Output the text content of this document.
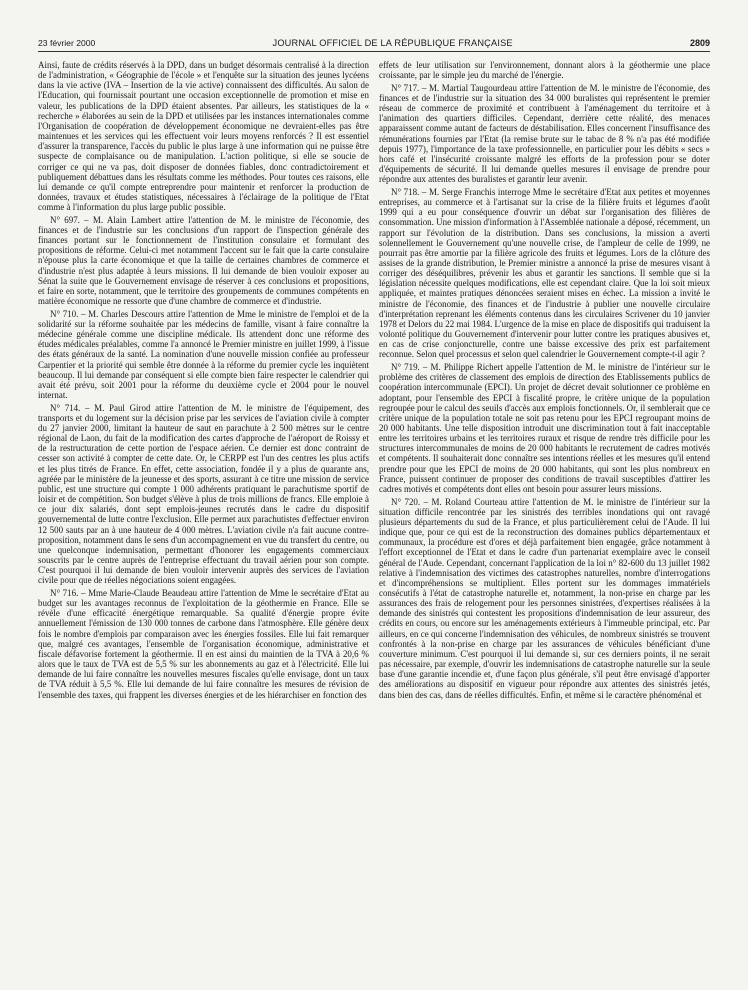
23 février 2000	JOURNAL OFFICIEL DE LA RÉPUBLIQUE FRANÇAISE	2809

Ainsi, faute de crédits réservés à la DPD, dans un budget désormais centralisé à la direction de l'administration, « Géographie de l'école » et l'enquête sur la situation des jeunes lycéens dans la vie active (IVA – Insertion de la vie active) connaissent des difficultés. Au salon de l'Education, qui fournissait pourtant une occasion exceptionnelle de promotion et mise en valeur, les publications de la DPD étaient absentes. Par ailleurs, les statistiques de la « recherche » élaborées au sein de la DPD et utilisées par les instances internationales comme l'Organisation de coopération de développement économique ne devraient-elles pas être maintenues et les services qui les effectuent voir leurs moyens renforcés ? Il est essentiel d'assurer la transparence, l'accès du public le plus large à une information qui ne puisse être suspecte de complaisance ou de manipulation. L'action politique, si elle se soucie de corriger ce qui ne va pas, doit disposer de données fiables, donc contradictoirement et publiquement débattues dans les résultats comme les méthodes. Pour toutes ces raisons, elle lui demande ce qu'il compte entreprendre pour maintenir et renforcer la production de données, travaux et études statistiques, nécessaires à l'éclairage de la politique de l'Etat comme à l'information du plus large public possible.

N° 697. – M. Alain Lambert attire l'attention de M. le ministre de l'économie, des finances et de l'industrie sur les conclusions d'un rapport de l'inspection générale des finances portant sur le fonctionnement de l'institution consulaire et formulant des propositions de réforme. Celui-ci met notamment l'accent sur le fait que la carte consulaire n'épouse plus la carte économique et que la taille de certaines chambres de commerce et d'industrie n'est plus adaptée à leurs missions. Il lui demande de bien vouloir exposer au Sénat la suite que le Gouvernement envisage de réserver à ces conclusions et propositions, et faire en sorte, notamment, que le territoire des groupements de communes compétents en matière économique ne ressorte que d'une chambre de commerce et d'industrie.

N° 710. – M. Charles Descours attire l'attention de Mme le ministre de l'emploi et de la solidarité sur la réforme souhaitée par les médecins de famille, visant à faire connaître la médecine générale comme une discipline médicale. Ils attendent donc une réforme des études médicales préalables, comme l'a annoncé le Premier ministre en juillet 1999, à l'issue des états généraux de la santé. La nomination d'une nouvelle mission confiée au professeur Carpentier et la priorité qui semble être donnée à la réforme du premier cycle les inquiètent beaucoup. Il lui demande par conséquent si elle compte bien faire respecter le calendrier qui avait été prévu, soit 2001 pour la réforme du deuxième cycle et 2004 pour le nouvel internat.

N° 714. – M. Paul Girod attire l'attention de M. le ministre de l'équipement, des transports et du logement sur la décision prise par les services de l'aviation civile à compter du 27 janvier 2000, limitant la hauteur de saut en parachute à 2 500 mètres sur le centre régional de Laon, du fait de la modification des cartes d'approche de l'aéroport de Roissy et de la restructuration de cette portion de l'espace aérien. Ce dernier est donc contraint de cesser son activité à compter de cette date. Or, le CERPP est l'un des centres les plus actifs et les plus titrés de France. En effet, cette association, fondée il y a plus de quarante ans, agréée par le ministère de la jeunesse et des sports, assurant à ce titre une mission de service public, est une structure qui compte 1 000 adhérents pratiquant le parachutisme sportif de loisir et de compétition. Son budget s'élève à plus de trois millions de francs. Elle emploie à ce jour dix salariés, dont sept emplois-jeunes recrutés dans le cadre du dispositif gouvernemental de lutte contre l'exclusion. Elle permet aux parachutistes d'effectuer environ 12 500 sauts par an à une hauteur de 4 000 mètres. L'aviation civile n'a fait aucune contre-proposition, notamment dans le sens d'un accompagnement en vue du transfert du centre, ou une quelconque indemnisation, permettant d'honorer les engagements commerciaux souscrits par le centre auprès de l'entreprise effectuant du travail aérien pour son compte. C'est pourquoi il lui demande de bien vouloir intervenir auprès des services de l'aviation civile pour que de réelles négociations soient engagées.

N° 716. – Mme Marie-Claude Beaudeau attire l'attention de Mme le secrétaire d'Etat au budget sur les avantages reconnus de l'exploitation de la géothermie en France. Elle se révèle d'une efficacité énergétique remarquable. Sa qualité d'énergie propre évite annuellement l'émission de 130 000 tonnes de carbone dans l'atmosphère. Elle génère deux fois le nombre d'emplois par comparaison avec les énergies fossiles. Elle lui fait remarquer que, malgré ces avantages, l'ensemble de l'organisation économique, administrative et fiscale défavorise fortement la géothermie. Il en est ainsi du maintien de la TVA à 20,6 % alors que le taux de TVA est de 5,5 % sur les abonnements au gaz et à l'électricité. Elle lui demande de lui faire connaître les nouvelles mesures fiscales qu'elle envisage, dont un taux de TVA réduit à 5,5 %. Elle lui demande de lui faire connaître les mesures de révision de l'ensemble des taxes, qui frappent les diverses énergies et de les hiérarchiser en fonction des

effets de leur utilisation sur l'environnement, donnant alors à la géothermie une place croissante, par le simple jeu du marché de l'énergie.

N° 717. – M. Martial Taugourdeau attire l'attention de M. le ministre de l'économie, des finances et de l'industrie sur la situation des 34 000 buralistes qui représentent le premier réseau de commerce de proximité et contribuent à l'aménagement du territoire et à l'animation des quartiers difficiles. Cependant, derrière cette réalité, des menaces apparaissent comme autant de facteurs de déstabilisation. Elles concernent l'insuffisance des rémunérations fournies par l'Etat (la remise brute sur le tabac de 8 % n'a pas été modifiée depuis 1977), l'importance de la taxe professionnelle, en particulier pour les débits « secs » hors café et l'insécurité croissante malgré les efforts de la profession pour se doter d'équipements de sécurité. Il lui demande quelles mesures il envisage de prendre pour répondre aux attentes des buralistes et garantir leur avenir.

N° 718. – M. Serge Franchis interroge Mme le secrétaire d'Etat aux petites et moyennes entreprises, au commerce et à l'artisanat sur la crise de la filière fruits et légumes d'août 1999 qui a eu pour conséquence d'ouvrir un débat sur l'organisation des filières de consommation. Une mission d'information à l'Assemblée nationale a déposé, récemment, un rapport sur l'évolution de la distribution. Dans ses conclusions, la mission a averti solennellement le Gouvernement qu'une nouvelle crise, de l'ampleur de celle de 1999, ne pourrait pas être amortie par la filière agricole des fruits et légumes. Lors de la clôture des assises de la grande distribution, le Premier ministre a annoncé la prise de mesures visant à corriger des déséquilibres, prévenir les abus et garantir les sanctions. Il semble que si la législation nécessite quelques modifications, elle est cependant claire. Que la loi soit mieux appliquée, et maintes pratiques dénoncées seraient mises en échec. La mission a invité le ministre de l'économie, des finances et de l'industrie à publier une nouvelle circulaire d'interprétation reprenant les éléments contenus dans les circulaires Scrivener du 10 janvier 1978 et Delors du 22 mai 1984. L'urgence de la mise en place de dispositifs qui traduisent la volonté politique du Gouvernement d'intervenir pour lutter contre les pratiques abusives et, en cas de crise conjoncturelle, contre une baisse excessive des prix est parfaitement reconnue. Selon quel processus et selon quel calendrier le Gouvernement compte-t-il agir ?

N° 719. – M. Philippe Richert appelle l'attention de M. le ministre de l'intérieur sur le problème des critères de classement des emplois de direction des Etablissements publics de coopération intercommunale (EPCI). Un projet de décret devait solutionner ce problème en adoptant, pour l'ensemble des EPCI à fiscalité propre, le critère unique de la population regroupée pour le calcul des seuils d'accès aux emplois fonctionnels. Or, il semblerait que ce critère unique de la population totale ne soit pas retenu pour les EPCI regroupant moins de 20 000 habitants. Une telle disposition introduit une discrimination tout à fait inacceptable entre les territoires urbains et les territoires ruraux et risque de rendre très difficile pour les structures intercommunales de moins de 20 000 habitants le recrutement de cadres motivés et compétents. Il souhaiterait donc connaître ses intentions réelles et les mesures qu'il entend prendre pour que les EPCI de moins de 20 000 habitants, qui sont les plus nombreux en France, puissent continuer de proposer des conditions de travail susceptibles d'attirer les cadres motivés et compétents dont elles ont besoin pour assurer leurs missions.

N° 720. – M. Roland Courteau attire l'attention de M. le ministre de l'intérieur sur la situation difficile rencontrée par les sinistrés des terribles inondations qui ont ravagé plusieurs départements du sud de la France, et plus particulièrement celui de l'Aude. Il lui indique que, pour ce qui est de la reconstruction des domaines publics départementaux et communaux, la procédure est d'ores et déjà parfaitement bien engagée, grâce notamment à l'effort exceptionnel de l'Etat et dans le cadre d'un partenariat exemplaire avec le conseil général de l'Aude. Cependant, concernant l'application de la loi n° 82-600 du 13 juillet 1982 relative à l'indemnisation des victimes des catastrophes naturelles, nombre d'interrogations et d'incompréhensions se multiplient. Elles portent sur les dommages immatériels consécutifs à l'état de catastrophe naturelle et, notamment, la non-prise en charge par les assurances des frais de relogement pour les personnes sinistrées, d'expertises réalisées à la demande des sinistrés qui contestent les propositions d'indemnisation de leur assureur, des crédits en cours, ou encore sur les aménagements extérieurs à l'immeuble principal, etc. Par ailleurs, en ce qui concerne l'indemnisation des véhicules, de nombreux sinistrés se trouvent confrontés à la non-prise en charge par les assurances de véhicules bénéficiant d'une couverture minimum. C'est pourquoi il lui demande si, sur ces derniers points, il ne serait pas nécessaire, par exemple, d'ouvrir les indemnisations de catastrophe naturelle sur la seule base d'une garantie incendie et, d'une façon plus générale, s'il peut être envisagé d'apporter des améliorations au dispositif en vigueur pour répondre aux attentes des sinistrés jetés, dans bien des cas, dans de réelles difficultés. Enfin, et même si le caractère phénoménal et
